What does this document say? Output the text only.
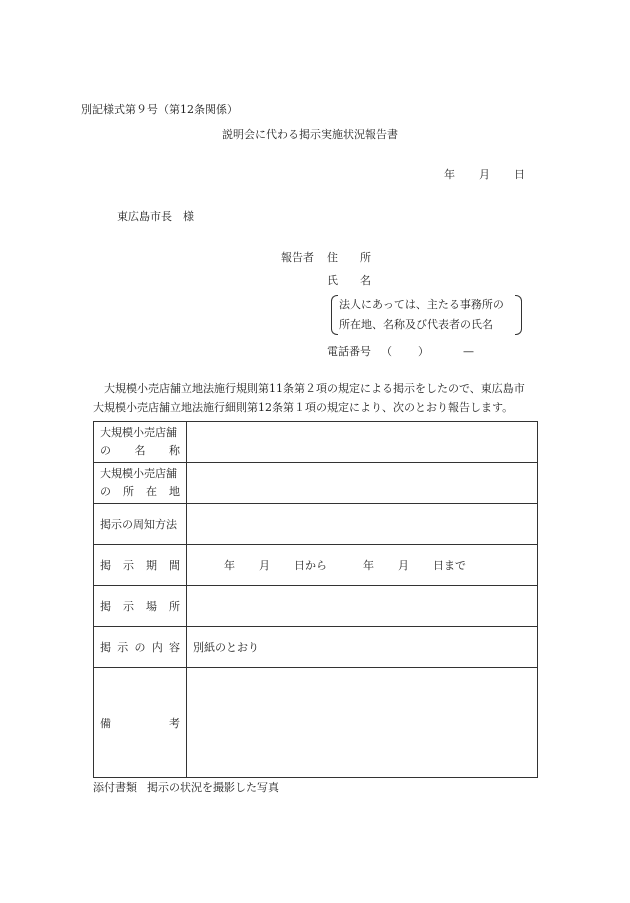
別記様式第９号（第12条関係）
説明会に代わる掲示実施状況報告書
年 月 日
東広島市長　様
報告者 住　　所
氏　　名
法人にあっては、主たる事務所の
所在地、名称及び代表者の氏名
電話番号 （ ）	—
大規模小売店舗立地法施行規則第11条第２項の規定による掲示をしたので、東広島市
大規模小売店舗立地法施行細則第12条第１項の規定により、次のとおり報告します。
大規模小売店舗
の 名 称	

大規模小売店舗
の 所 在 地	

掲示の周知方法	

掲 示 期 間	年 月 日から 年 月 日まで

掲 示 場 所	

掲 示 の 内 容	別紙のとおり

備 考	

添付書類 掲示の状況を撮影した写真
